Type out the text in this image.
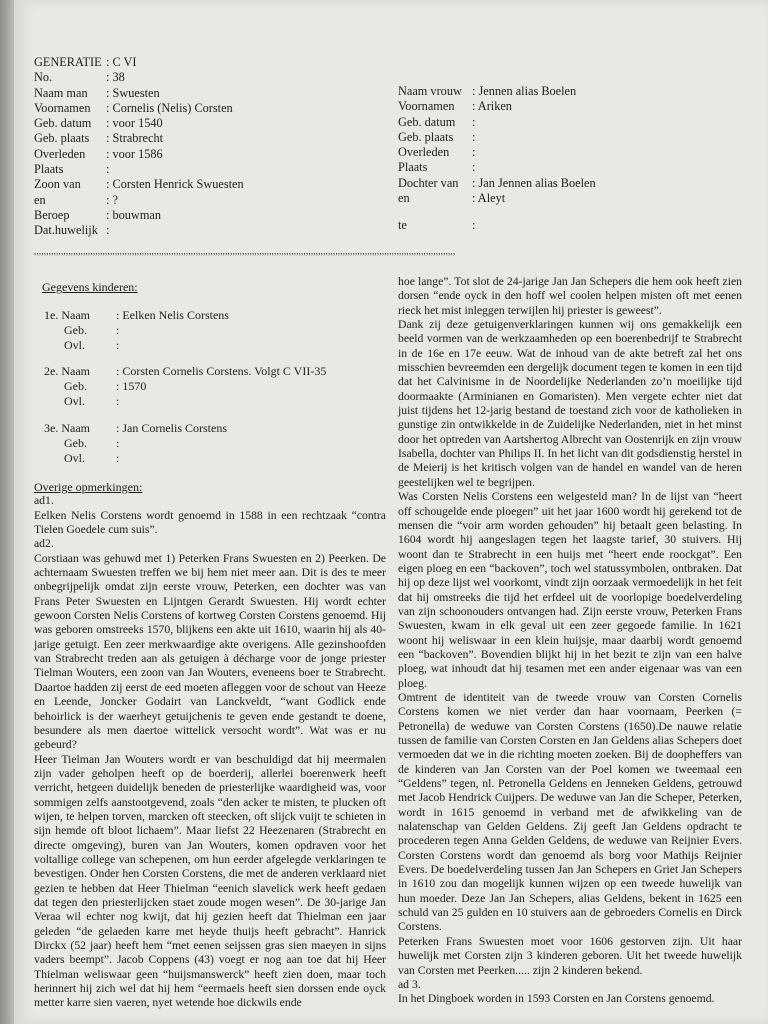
GENERATIE : C VI
No.	: 38
Naam man	: Swuesten
Voornamen	: Cornelis (Nelis) Corsten
Geb. datum	: voor 1540
Geb. plaats	: Strabrecht
Overleden	: voor 1586
Plaats	:
Zoon van	: Corsten Henrick Swuesten
en	: ?
Beroep	: bouwman
Dat.huwelijk :
Naam vrouw : Jennen alias Boelen
Voornamen	: Ariken
Geb. datum	:
Geb. plaats	:
Overleden	:
Plaats	:
Dochter van	: Jan Jennen alias Boelen
en	: Aleyt
te	:
,,,,,,,,,,,,,,,,,,,,,,,,,,,,,,,,,,,,,,,,,,,,,,,,,,,,,,,,,,,,,,,,,,,,,,,,,,,,,,,,,,,,,,,,,,,,,,,,,,,,,,,,,,,,,,,,,,,,,,,,,,,,,,,,,,,,,,,,,,,,,,,,,,,,,,,,,,,,,,,,,,,,,,,,,,,,
Gegevens kinderen:
1e. Naam	: Eelken Nelis Corstens
Geb.	:
Ovl.	:
2e. Naam	: Corsten Cornelis Corstens. Volgt C VII-35
Geb.	: 1570
Ovl.	:
3e. Naam	: Jan Cornelis Corstens
Geb.	:
Ovl.	:

Overige opmerkingen:

ad1.

Eelken Nelis Corstens wordt genoemd in 1588 in een rechtzaak “contra Tielen Goedele cum suis”.

ad2.

Corstiaan was gehuwd met 1) Peterken Frans Swuesten en 2) Peerken. De achternaam Swuesten treffen we bij hem niet meer aan. Dit is des te meer onbegrijpelijk omdat zijn eerste vrouw, Peterken, een dochter was van Frans Peter Swuesten en Lijntgen Gerardt Swuesten. Hij wordt echter gewoon Corsten Nelis Corstens of kortweg Corsten Corstens genoemd. Hij was geboren omstreeks 1570, blijkens een akte uit 1610, waarin hij als 40-jarige getuigt. Een zeer merkwaardige akte overigens. Alle gezinshoofden van Strabrecht treden aan als getuigen à décharge voor de jonge priester Tielman Wouters, een zoon van Jan Wouters, eveneens boer te Strabrecht. Daartoe hadden zij eerst de eed moeten afleggen voor de schout van Heeze en Leende, Joncker Godairt van Lanckveldt, “want Godlick ende behoirlick is der waerheyt getuijchenis te geven ende gestandt te doene, besundere als men daertoe wittelick versocht wordt”. Wat was er nu gebeurd?

Heer Tielman Jan Wouters wordt er van beschuldigd dat hij meermalen zijn vader geholpen heeft op de boerderij, allerlei boerenwerk heeft verricht, hetgeen duidelijk beneden de priesterlijke waardigheid was, voor sommigen zelfs aanstootgevend, zoals “den acker te misten, te plucken oft wijen, te helpen torven, marcken oft steecken, oft slijck vuijt te schieten in sijn hemde oft bloot lichaem”. Maar liefst 22 Heezenaren (Strabrecht en directe omgeving), buren van Jan Wouters, komen opdraven voor het voltallige college van schepenen, om hun eerder afgelegde verklaringen te bevestigen. Onder hen Corsten Corstens, die met de anderen verklaard niet gezien te hebben dat Heer Thielman “eenich slavelick werk heeft gedaen dat tegen den priesterlijcken staet zoude mogen wesen”. De 30-jarige Jan Veraa wil echter nog kwijt, dat hij gezien heeft dat Thielman een jaar geleden “de gelaeden karre met heyde thuijs heeft gebracht”. Hanrick Dirckx (52 jaar) heeft hem “met eenen seijssen gras sien maeyen in sijns vaders beempt”. Jacob Coppens (43) voegt er nog aan toe dat hij Heer Thielman weliswaar geen “huijsmanswerck” heeft zien doen, maar toch herinnert hij zich wel dat hij hem “eermaels heeft sien dorssen ende oyck metter karre sien vaeren, nyet wetende hoe dickwils ende

hoe lange”. Tot slot de 24-jarige Jan Jan Schepers die hem ook heeft zien dorsen “ende oyck in den hoff wel coolen helpen misten oft met eenen rieck het mist inleggen terwijlen hij priester is geweest”.

Dank zij deze getuigenverklaringen kunnen wij ons gemakkelijk een beeld vormen van de werkzaamheden op een boerenbedrijf te Strabrecht in de 16e en 17e eeuw. Wat de inhoud van de akte betreft zal het ons misschien bevreemden een dergelijk document tegen te komen in een tijd dat het Calvinisme in de Noordelijke Nederlanden zo’n moeilijke tijd doormaakte (Arminianen en Gomaristen). Men vergete echter niet dat juist tijdens het 12-jarig bestand de toestand zich voor de katholieken in gunstige zin ontwikkelde in de Zuidelijke Nederlanden, niet in het minst door het optreden van Aartshertog Albrecht van Oostenrijk en zijn vrouw Isabella, dochter van Philips II. In het licht van dit godsdienstig herstel in de Meierij is het kritisch volgen van de handel en wandel van de heren geestelijken wel te begrijpen.

Was Corsten Nelis Corstens een welgesteld man? In de lijst van “heert off schougelde ende ploegen” uit het jaar 1600 wordt hij gerekend tot de mensen die “voir arm worden gehouden” hij betaalt geen belasting. In 1604 wordt hij aangeslagen tegen het laagste tarief, 30 stuivers. Hij woont dan te Strabrecht in een huijs met “heert ende roockgat”. Een eigen ploeg en een “backoven”, toch wel statussymbolen, ontbraken. Dat hij op deze lijst wel voorkomt, vindt zijn oorzaak vermoedelijk in het feit dat hij omstreeks die tijd het erfdeel uit de voorlopige boedelverdeling van zijn schoonouders ontvangen had. Zijn eerste vrouw, Peterken Frans Swuesten, kwam in elk geval uit een zeer gegoede familie. In 1621 woont hij weliswaar in een klein huijsje, maar daarbij wordt genoemd een “backoven”. Bovendien blijkt hij in het bezit te zijn van een halve ploeg, wat inhoudt dat hij tesamen met een ander eigenaar was van een ploeg.

Omtrent de identiteit van de tweede vrouw van Corsten Cornelis Corstens komen we niet verder dan haar voornaam, Peerken (= Petronella) de weduwe van Corsten Corstens (1650).De nauwe relatie tussen de familie van Corsten Corsten en Jan Geldens alias Schepers doet vermoeden dat we in die richting moeten zoeken. Bij de doopheffers van de kinderen van Jan Corsten van der Poel komen we tweemaal een “Geldens” tegen, nl. Petronella Geldens en Jenneken Geldens, getrouwd met Jacob Hendrick Cuijpers. De weduwe van Jan die Scheper, Peterken, wordt in 1615 genoemd in verband met de afwikkeling van de nalatenschap van Gelden Geldens. Zij geeft Jan Geldens opdracht te procederen tegen Anna Gelden Geldens, de weduwe van Reijnier Evers. Corsten Corstens wordt dan genoemd als borg voor Mathijs Reijnier Evers. De boedelverdeling tussen Jan Jan Schepers en Griet Jan Schepers in 1610 zou dan mogelijk kunnen wijzen op een tweede huwelijk van hun moeder. Deze Jan Jan Schepers, alias Geldens, bekent in 1625 een schuld van 25 gulden en 10 stuivers aan de gebroeders Cornelis en Dirck Corstens.

Peterken Frans Swuesten moet voor 1606 gestorven zijn. Uit haar huwelijk met Corsten zijn 3 kinderen geboren. Uit het tweede huwelijk van Corsten met Peerken..... zijn 2 kinderen bekend.

ad 3.

In het Dingboek worden in 1593 Corsten en Jan Corstens genoemd.
